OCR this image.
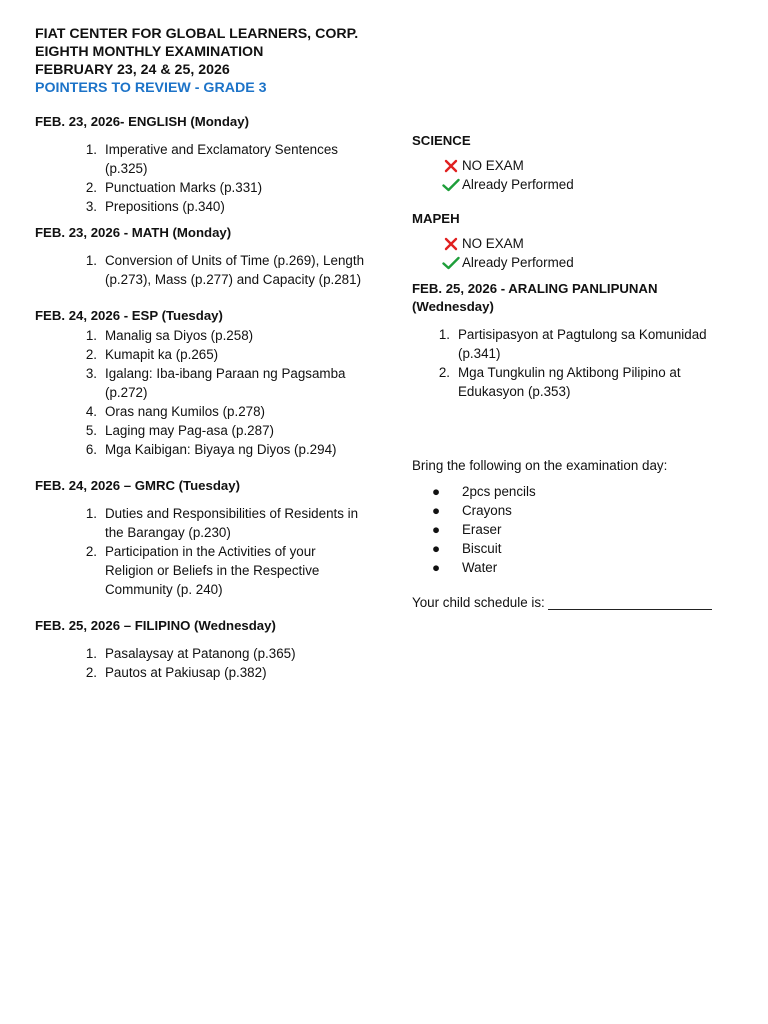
FIAT CENTER FOR GLOBAL LEARNERS, CORP.
EIGHTH MONTHLY EXAMINATION
FEBRUARY 23, 24 & 25, 2026
POINTERS TO REVIEW - GRADE 3

FEB. 23, 2026- ENGLISH (Monday)

1. Imperative and Exclamatory Sentences (p.325)
2. Punctuation Marks (p.331)
3. Prepositions (p.340)

FEB. 23, 2026 - MATH (Monday)

1. Conversion of Units of Time (p.269), Length (p.273), Mass (p.277) and Capacity (p.281)

FEB. 24, 2026 - ESP (Tuesday)

1. Manalig sa Diyos (p.258)
2. Kumapit ka (p.265)
3. Igalang: Iba-ibang Paraan ng Pagsamba (p.272)
4. Oras nang Kumilos (p.278)
5. Laging may Pag-asa (p.287)
6. Mga Kaibigan: Biyaya ng Diyos (p.294)

FEB. 24, 2026 – GMRC (Tuesday)

1. Duties and Responsibilities of Residents in the Barangay (p.230)
2. Participation in the Activities of your Religion or Beliefs in the Respective Community (p. 240)

FEB. 25, 2026 – FILIPINO (Wednesday)

1. Pasalaysay at Patanong (p.365)
2. Pautos at Pakiusap (p.382)

SCIENCE

NO EXAM
Already Performed

MAPEH

NO EXAM
Already Performed

FEB. 25, 2026 - ARALING PANLIPUNAN
(Wednesday)

1. Partisipasyon at Pagtulong sa Komunidad (p.341)
2. Mga Tungkulin ng Aktibong Pilipino at Edukasyon (p.353)

Bring the following on the examination day:

●	2pcs pencils
●	Crayons
●	Eraser
●	Biscuit
●	Water
Your child schedule is:
